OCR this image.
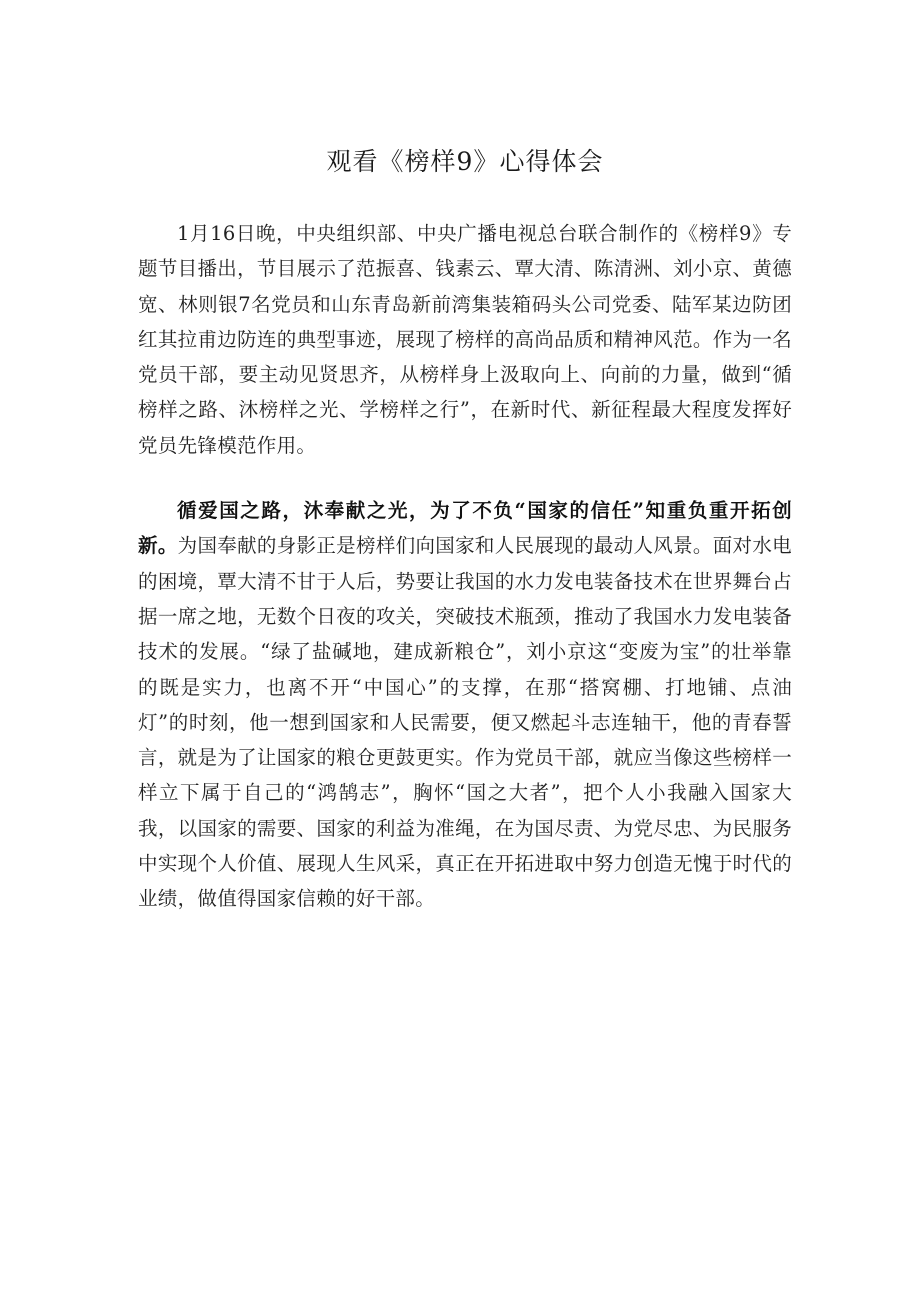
观看《榜样9》心得体会

1月16日晚，中央组织部、中央广播电视总台联合制作的《榜样9》专题节目播出，节目展示了范振喜、钱素云、覃大清、陈清洲、刘小京、黄德宽、林则银7名党员和山东青岛新前湾集装箱码头公司党委、陆军某边防团红其拉甫边防连的典型事迹，展现了榜样的高尚品质和精神风范。作为一名党员干部，要主动见贤思齐，从榜样身上汲取向上、向前的力量，做到“循榜样之路、沐榜样之光、学榜样之行”，在新时代、新征程最大程度发挥好党员先锋模范作用。

循爱国之路，沐奉献之光，为了不负“国家的信任”知重负重开拓创新。为国奉献的身影正是榜样们向国家和人民展现的最动人风景。面对水电的困境，覃大清不甘于人后，势要让我国的水力发电装备技术在世界舞台占据一席之地，无数个日夜的攻关，突破技术瓶颈，推动了我国水力发电装备技术的发展。“绿了盐碱地，建成新粮仓”，刘小京这“变废为宝”的壮举靠的既是实力，也离不开“中国心”的支撑，在那“搭窝棚、打地铺、点油灯”的时刻，他一想到国家和人民需要，便又燃起斗志连轴干，他的青春誓言，就是为了让国家的粮仓更鼓更实。作为党员干部，就应当像这些榜样一样立下属于自己的“鸿鹄志”，胸怀“国之大者”，把个人小我融入国家大我，以国家的需要、国家的利益为准绳，在为国尽责、为党尽忠、为民服务中实现个人价值、展现人生风采，真正在开拓进取中努力创造无愧于时代的业绩，做值得国家信赖的好干部。
